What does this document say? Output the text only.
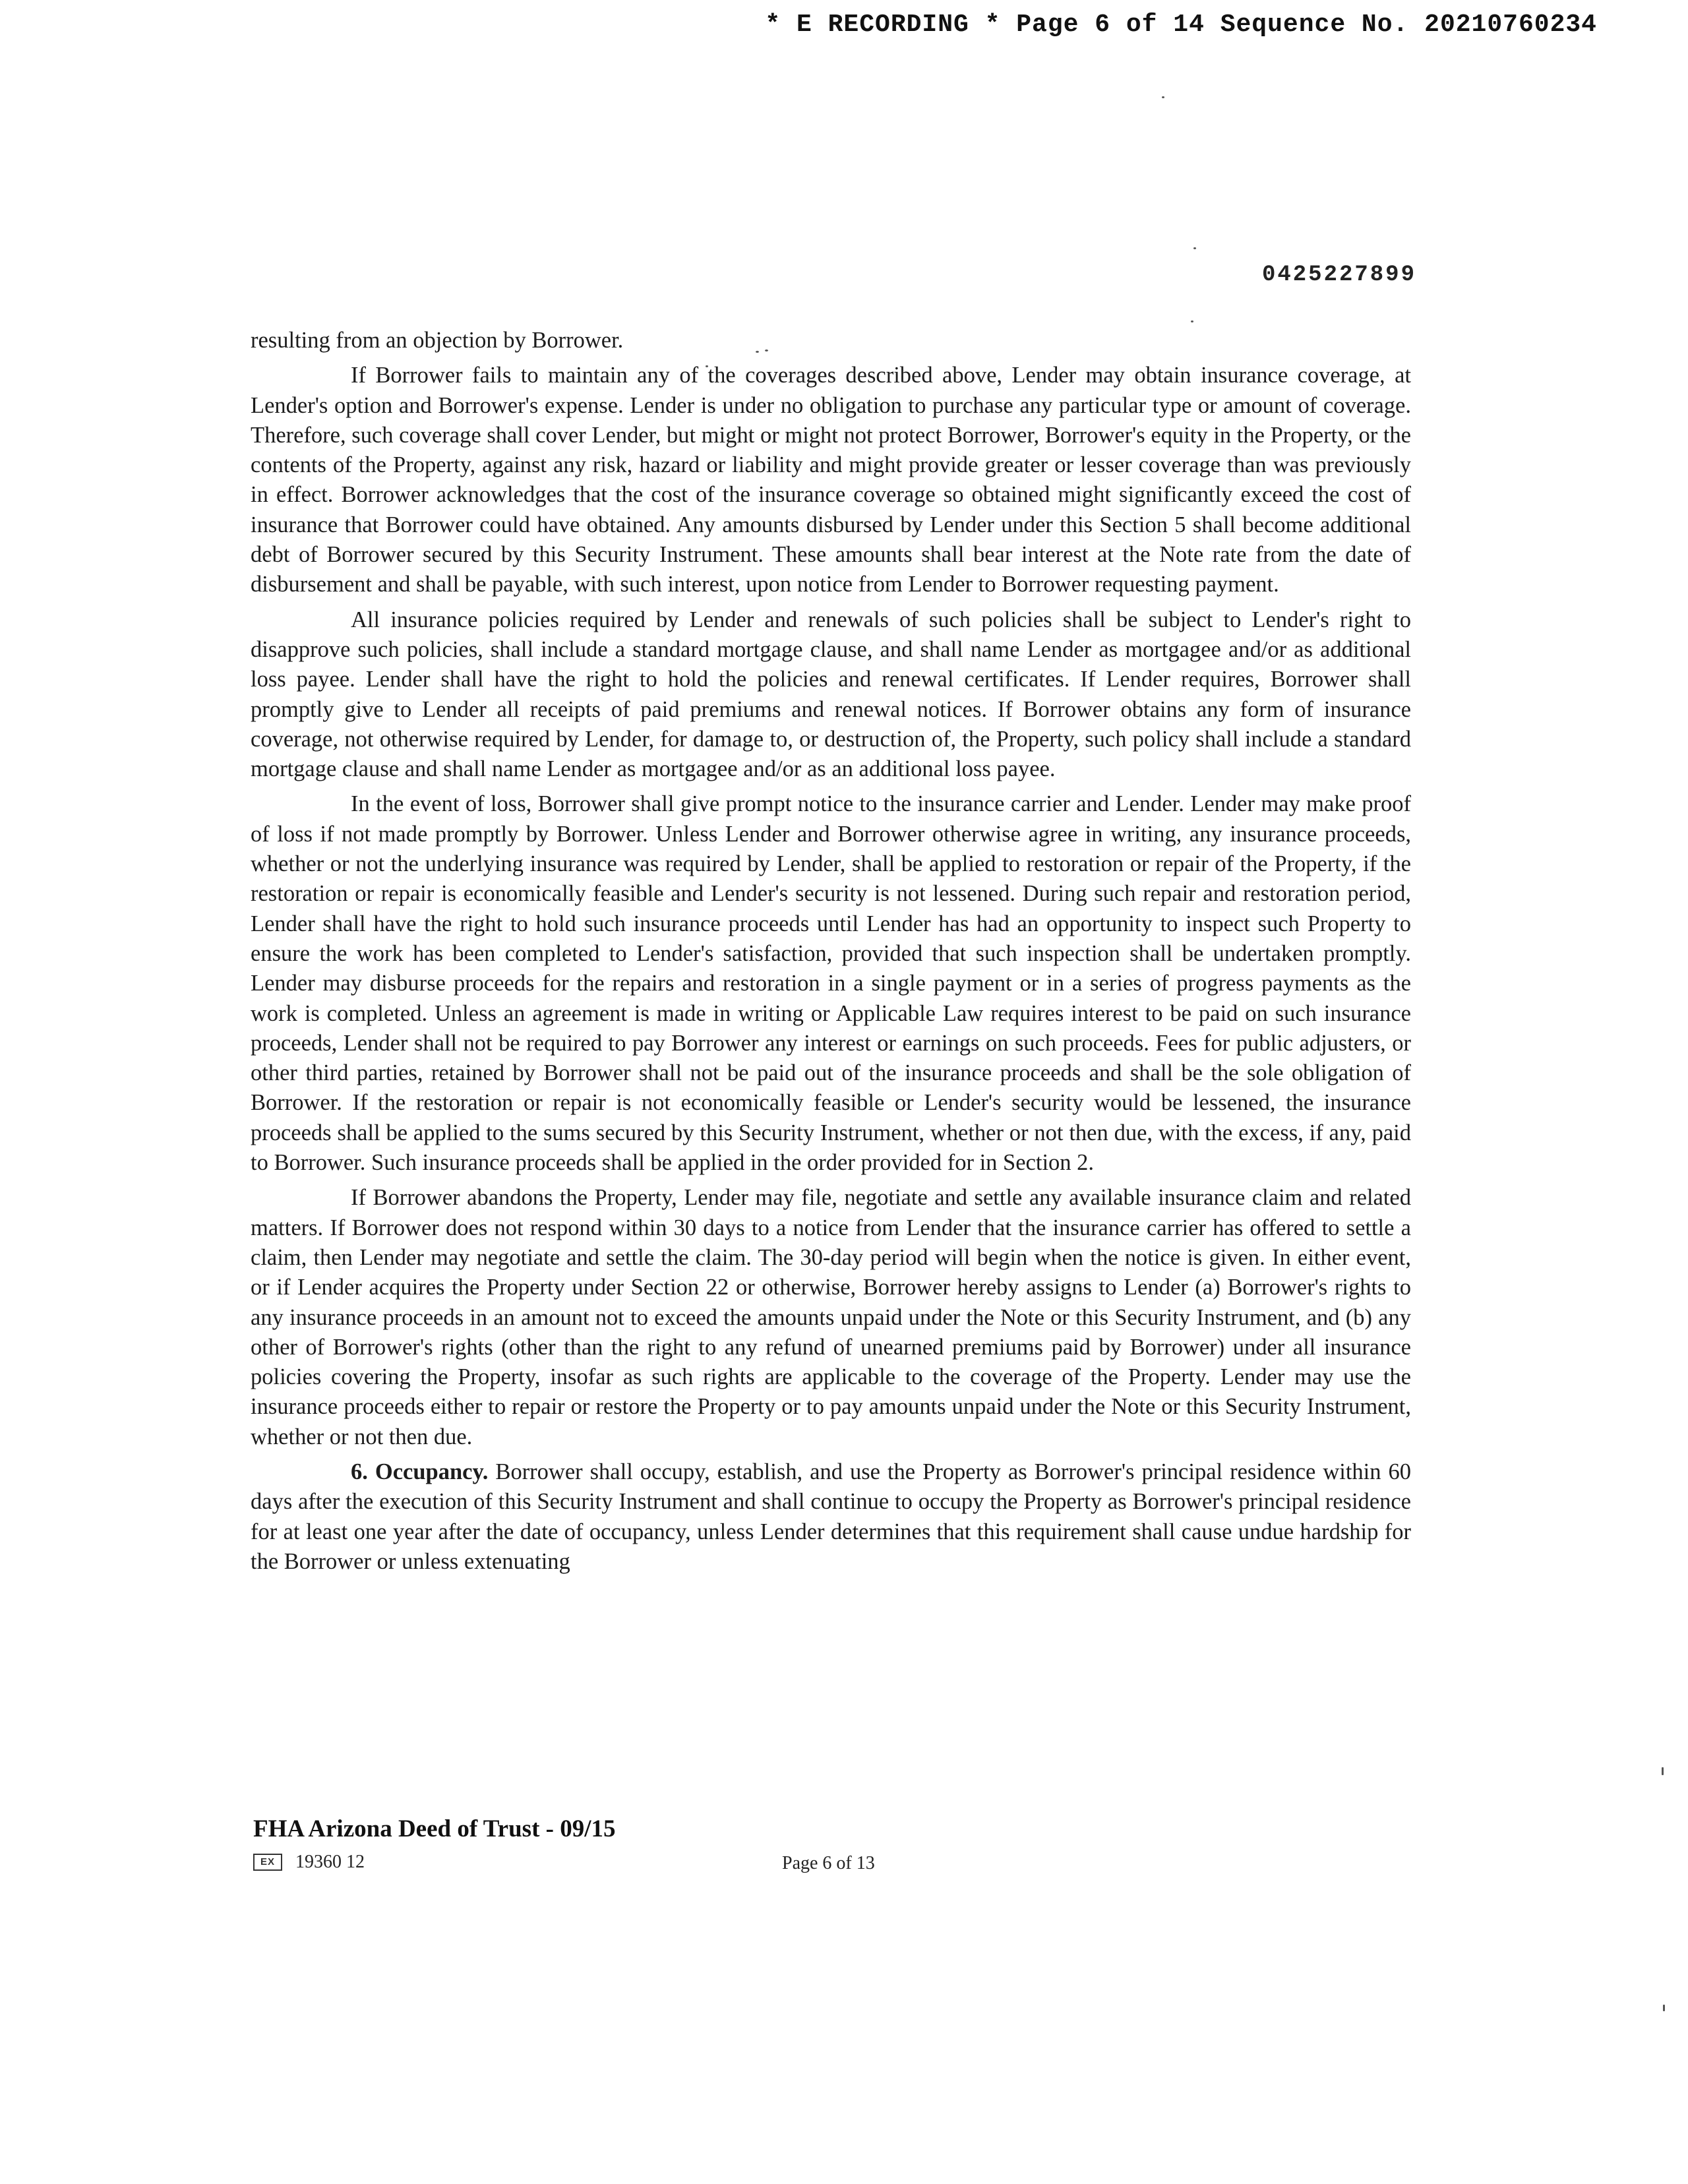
* E RECORDING * Page 6 of 14 Sequence No. 20210760234
0425227899

resulting from an objection by Borrower.

If Borrower fails to maintain any of the coverages described above, Lender may obtain insurance coverage, at Lender's option and Borrower's expense. Lender is under no obligation to purchase any particular type or amount of coverage. Therefore, such coverage shall cover Lender, but might or might not protect Borrower, Borrower's equity in the Property, or the contents of the Property, against any risk, hazard or liability and might provide greater or lesser coverage than was previously in effect. Borrower acknowledges that the cost of the insurance coverage so obtained might significantly exceed the cost of insurance that Borrower could have obtained. Any amounts disbursed by Lender under this Section 5 shall become additional debt of Borrower secured by this Security Instrument. These amounts shall bear interest at the Note rate from the date of disbursement and shall be payable, with such interest, upon notice from Lender to Borrower requesting payment.

All insurance policies required by Lender and renewals of such policies shall be subject to Lender's right to disapprove such policies, shall include a standard mortgage clause, and shall name Lender as mortgagee and/or as additional loss payee. Lender shall have the right to hold the policies and renewal certificates. If Lender requires, Borrower shall promptly give to Lender all receipts of paid premiums and renewal notices. If Borrower obtains any form of insurance coverage, not otherwise required by Lender, for damage to, or destruction of, the Property, such policy shall include a standard mortgage clause and shall name Lender as mortgagee and/or as an additional loss payee.

In the event of loss, Borrower shall give prompt notice to the insurance carrier and Lender. Lender may make proof of loss if not made promptly by Borrower. Unless Lender and Borrower otherwise agree in writing, any insurance proceeds, whether or not the underlying insurance was required by Lender, shall be applied to restoration or repair of the Property, if the restoration or repair is economically feasible and Lender's security is not lessened. During such repair and restoration period, Lender shall have the right to hold such insurance proceeds until Lender has had an opportunity to inspect such Property to ensure the work has been completed to Lender's satisfaction, provided that such inspection shall be undertaken promptly. Lender may disburse proceeds for the repairs and restoration in a single payment or in a series of progress payments as the work is completed. Unless an agreement is made in writing or Applicable Law requires interest to be paid on such insurance proceeds, Lender shall not be required to pay Borrower any interest or earnings on such proceeds. Fees for public adjusters, or other third parties, retained by Borrower shall not be paid out of the insurance proceeds and shall be the sole obligation of Borrower. If the restoration or repair is not economically feasible or Lender's security would be lessened, the insurance proceeds shall be applied to the sums secured by this Security Instrument, whether or not then due, with the excess, if any, paid to Borrower. Such insurance proceeds shall be applied in the order provided for in Section 2.

If Borrower abandons the Property, Lender may file, negotiate and settle any available insurance claim and related matters. If Borrower does not respond within 30 days to a notice from Lender that the insurance carrier has offered to settle a claim, then Lender may negotiate and settle the claim. The 30-day period will begin when the notice is given. In either event, or if Lender acquires the Property under Section 22 or otherwise, Borrower hereby assigns to Lender (a) Borrower's rights to any insurance proceeds in an amount not to exceed the amounts unpaid under the Note or this Security Instrument, and (b) any other of Borrower's rights (other than the right to any refund of unearned premiums paid by Borrower) under all insurance policies covering the Property, insofar as such rights are applicable to the coverage of the Property. Lender may use the insurance proceeds either to repair or restore the Property or to pay amounts unpaid under the Note or this Security Instrument, whether or not then due.

6. Occupancy. Borrower shall occupy, establish, and use the Property as Borrower's principal residence within 60 days after the execution of this Security Instrument and shall continue to occupy the Property as Borrower's principal residence for at least one year after the date of occupancy, unless Lender determines that this requirement shall cause undue hardship for the Borrower or unless extenuating

FHA Arizona Deed of Trust - 09/15
EX	19360 12	Page 6 of 13
